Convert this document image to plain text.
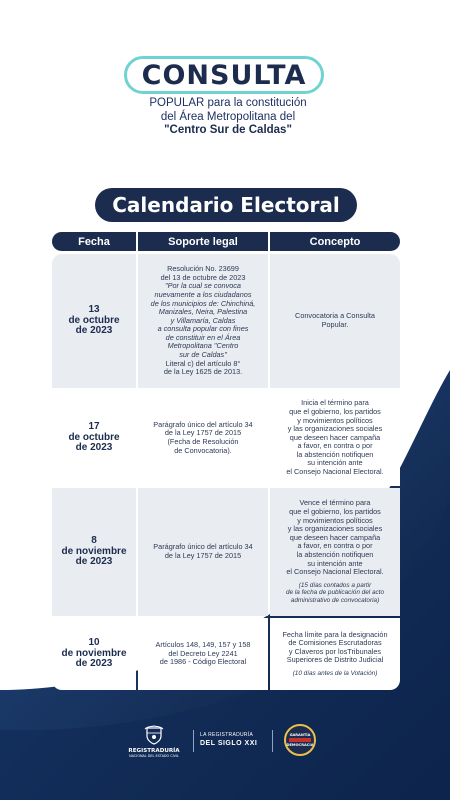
CONSULTA
POPULAR para la constitución
del Área Metropolitana del
"Centro Sur de Caldas"
Calendario Electoral
Fecha	Soporte legal	Concepto
13
de octubre
de 2023
Resolución No. 23699
del 13 de octubre de 2023
"Por la cual se convoca
nuevamente a los ciudadanos
de los municipios de: Chinchiná,
Manizales, Neira, Palestina
y Villamaría, Caldas
a consulta popular con fines
de constituir en el Área
Metropolitana "Centro
sur de Caldas"
Literal c) del artículo 8°
de la Ley 1625 de 2013.
Convocatoria a Consulta
Popular.
17
de octubre
de 2023
Parágrafo único del artículo 34
de la Ley 1757 de 2015
(Fecha de Resolución
de Convocatoria).
Inicia el término para
que el gobierno, los partidos
y movimientos políticos
y las organizaciones sociales
que deseen hacer campaña
a favor, en contra o por
la abstención notifiquen
su intención ante
el Consejo Nacional Electoral.
8
de noviembre
de 2023
Parágrafo único del artículo 34
de la Ley 1757 de 2015
Vence el término para
que el gobierno, los partidos
y movimientos políticos
y las organizaciones sociales
que deseen hacer campaña
a favor, en contra o por
la abstención notifiquen
su intención ante
el Consejo Nacional Electoral.
(15 días contados a partir
de la fecha de publicación del acto
administrativo de convocatoria)
10
de noviembre
de 2023
Artículos 148, 149, 157 y 158
del Decreto Ley 2241
de 1986 - Código Electoral
Fecha límite para la designación
de Comisiones Escrutadoras
y Claveros por losTribunales
Superiores de Distrito Judicial
(10 días antes de la Votación)
REGISTRADURÍA
NACIONAL DEL ESTADO CIVIL
LA REGISTRADURÍA
DEL SIGLO XXI
GARANTÍA
DEMOCRACIA
